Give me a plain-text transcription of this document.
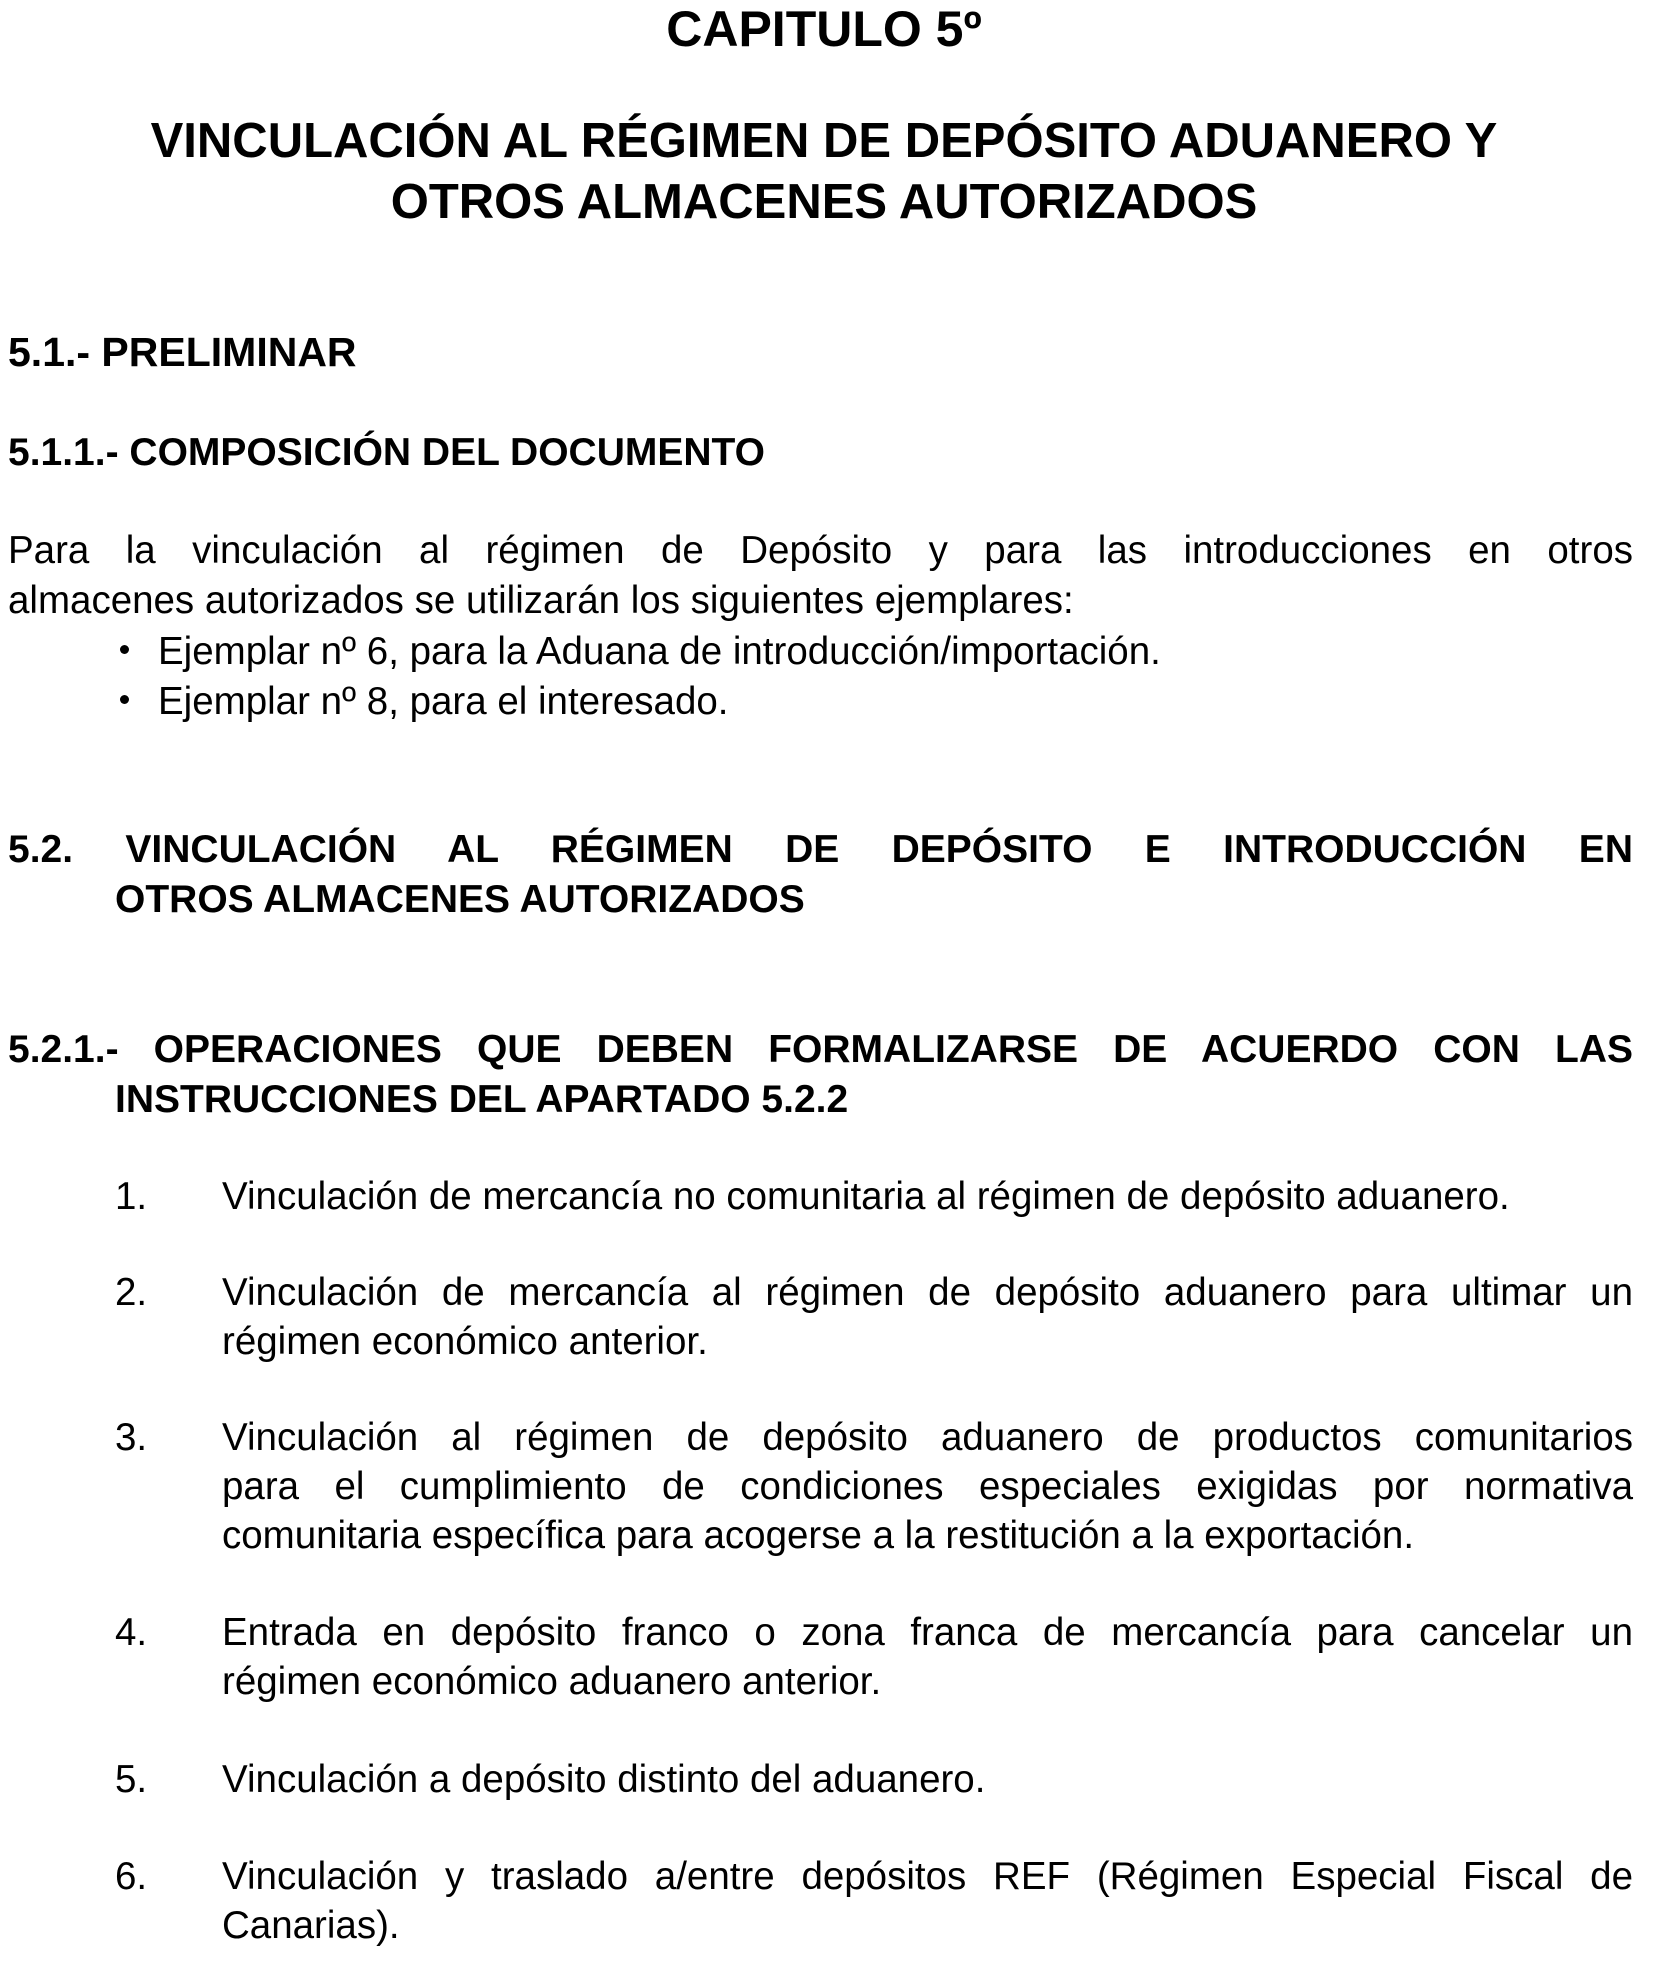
CAPITULO 5º
VINCULACIÓN AL RÉGIMEN DE DEPÓSITO ADUANERO Y
OTROS ALMACENES AUTORIZADOS
5.1.- PRELIMINAR
5.1.1.- COMPOSICIÓN DEL DOCUMENTO
Para la vinculación al régimen de Depósito y para las introducciones en otros
almacenes autorizados se utilizarán los siguientes ejemplares:
Ejemplar nº 6, para la Aduana de introducción/importación.
Ejemplar nº 8, para el interesado.
5.2. VINCULACIÓN AL RÉGIMEN DE DEPÓSITO E INTRODUCCIÓN EN
OTROS ALMACENES AUTORIZADOS
5.2.1.- OPERACIONES QUE DEBEN FORMALIZARSE DE ACUERDO CON LAS
INSTRUCCIONES DEL APARTADO 5.2.2
1.	Vinculación de mercancía no comunitaria al régimen de depósito aduanero.
2.	Vinculación de mercancía al régimen de depósito aduanero para ultimar un
régimen económico anterior.
3.	Vinculación al régimen de depósito aduanero de productos comunitarios
para el cumplimiento de condiciones especiales exigidas por normativa
comunitaria específica para acogerse a la restitución a la exportación.
4.	Entrada en depósito franco o zona franca de mercancía para cancelar un
régimen económico aduanero anterior.
5.	Vinculación a depósito distinto del aduanero.
6.	Vinculación y traslado a/entre depósitos REF (Régimen Especial Fiscal de
Canarias).
